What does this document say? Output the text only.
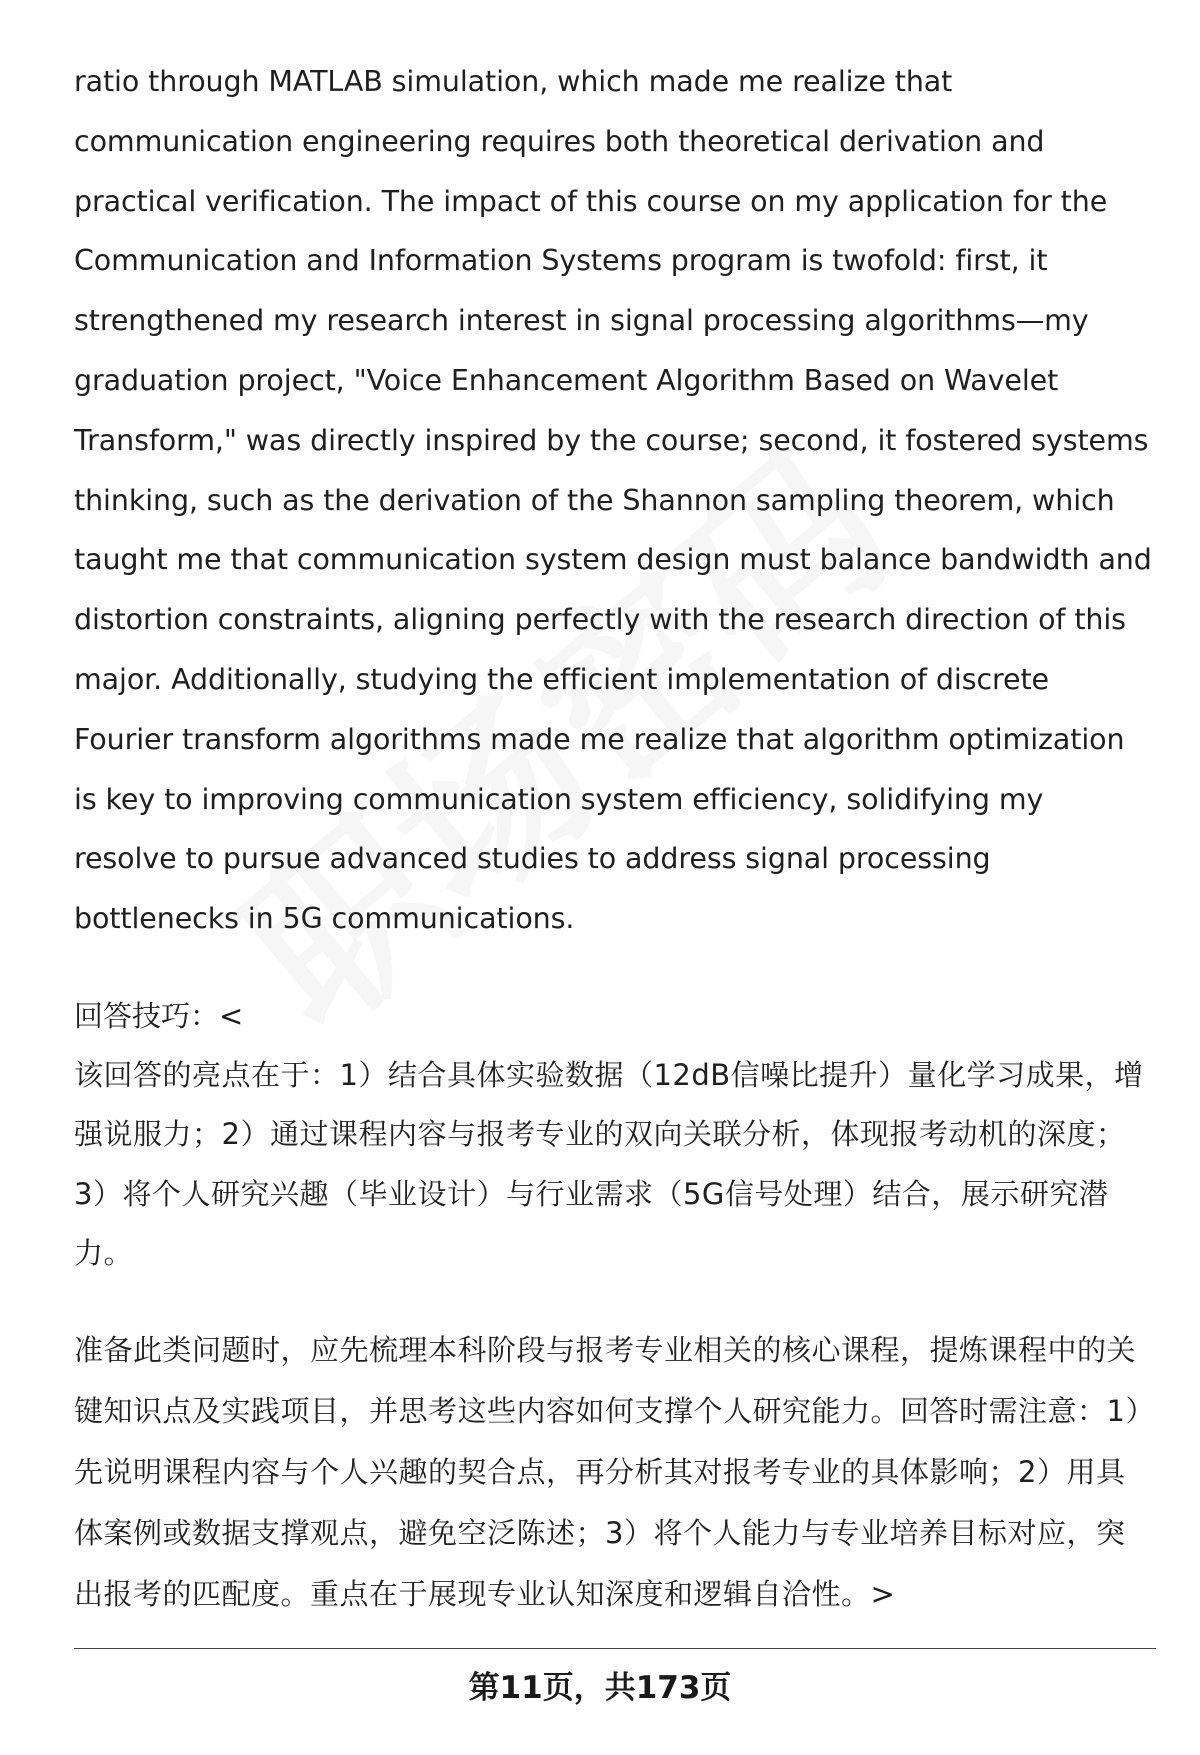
ratio through MATLAB simulation, which made me realize that communication engineering requires both theoretical derivation and practical verification. The impact of this course on my application for the Communication and Information Systems program is twofold: first, it strengthened my research interest in signal processing algorithms—my graduation project, "Voice Enhancement Algorithm Based on Wavelet Transform," was directly inspired by the course; second, it fostered systems thinking, such as the derivation of the Shannon sampling theorem, which taught me that communication system design must balance bandwidth and distortion constraints, aligning perfectly with the research direction of this major. Additionally, studying the efficient implementation of discrete Fourier transform algorithms made me realize that algorithm optimization is key to improving communication system efficiency, solidifying my resolve to pursue advanced studies to address signal processing bottlenecks in 5G communications.

回答技巧：<

该回答的亮点在于：1）结合具体实验数据（12dB信噪比提升）量化学习成果，增强说服力；2）通过课程内容与报考专业的双向关联分析，体现报考动机的深度；3）将个人研究兴趣（毕业设计）与行业需求（5G信号处理）结合，展示研究潜力。

准备此类问题时，应先梳理本科阶段与报考专业相关的核心课程，提炼课程中的关键知识点及实践项目，并思考这些内容如何支撑个人研究能力。回答时需注意：1）先说明课程内容与个人兴趣的契合点，再分析其对报考专业的具体影响；2）用具体案例或数据支撑观点，避免空泛陈述；3）将个人能力与专业培养目标对应，突出报考的匹配度。重点在于展现专业认知深度和逻辑自洽性。>

第11页，共173页
